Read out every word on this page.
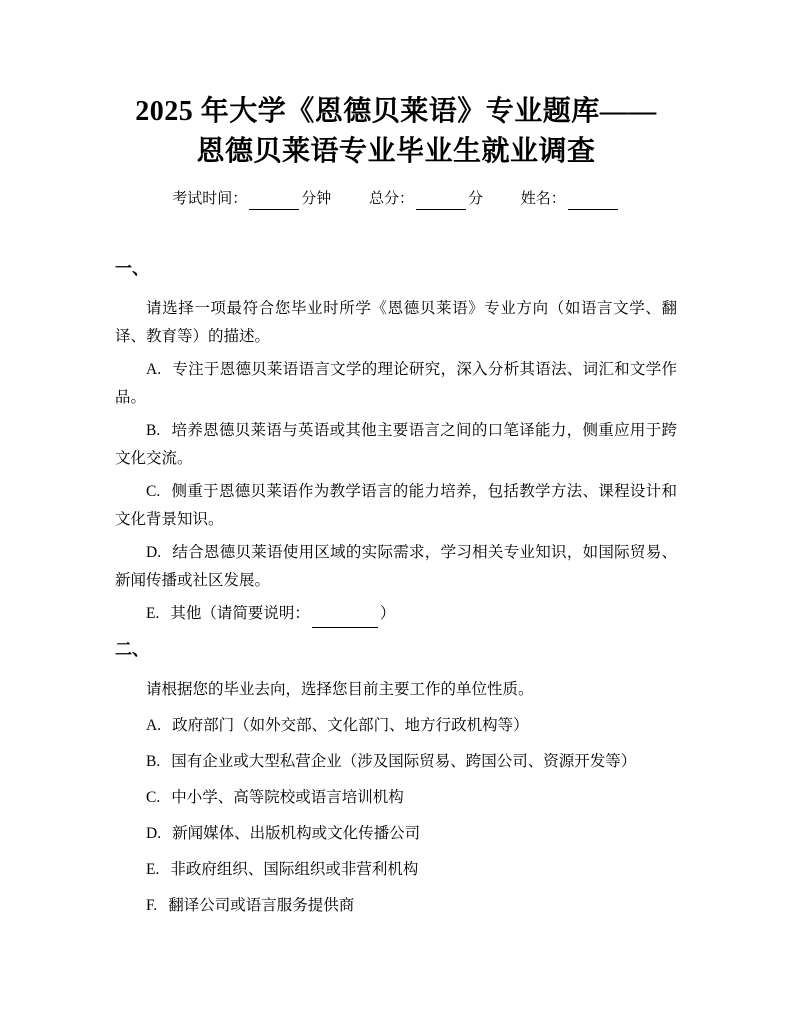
2025 年大学《恩德贝莱语》专业题库——
恩德贝莱语专业毕业生就业调查
考试时间：	分钟	总分：	分	姓名：
一、

请选择一项最符合您毕业时所学《恩德贝莱语》专业方向（如语言文学、翻译、教育等）的描述。

A. 专注于恩德贝莱语语言文学的理论研究，深入分析其语法、词汇和文学作品。

B. 培养恩德贝莱语与英语或其他主要语言之间的口笔译能力，侧重应用于跨文化交流。

C. 侧重于恩德贝莱语作为教学语言的能力培养，包括教学方法、课程设计和文化背景知识。

D. 结合恩德贝莱语使用区域的实际需求，学习相关专业知识，如国际贸易、新闻传播或社区发展。

E. 其他（请简要说明：	）

二、

请根据您的毕业去向，选择您目前主要工作的单位性质。

A. 政府部门（如外交部、文化部门、地方行政机构等）

B. 国有企业或大型私营企业（涉及国际贸易、跨国公司、资源开发等）

C. 中小学、高等院校或语言培训机构

D. 新闻媒体、出版机构或文化传播公司

E. 非政府组织、国际组织或非营利机构

F. 翻译公司或语言服务提供商
